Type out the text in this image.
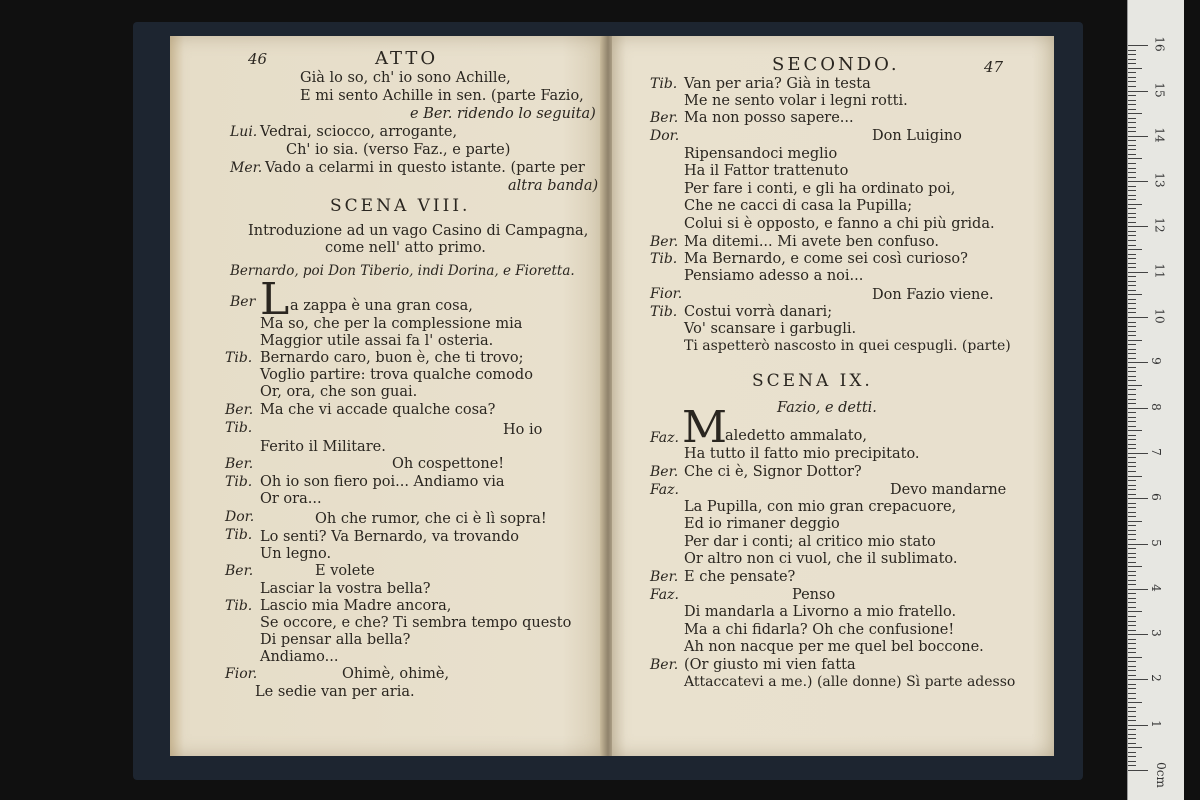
46	ATTO
Già lo so, ch' io sono Achille,
E mi sento Achille in sen. (parte Fazio,
e Ber. ridendo lo seguita)
Lui. Vedrai, sciocco, arrogante,
Ch' io sia. (verso Faz., e parte)
Mer. Vado a celarmi in questo istante. (parte per
altra banda)
SCENA VIII.
Introduzione ad un vago Casino di Campagna,
come nell' atto primo.
Bernardo, poi Don Tiberio, indi Dorina, e Fioretta.
Ber L a zappa è una gran cosa,
Ma so, che per la complessione mia
Maggior utile assai fa l' osteria.
Tib. Bernardo caro, buon è, che ti trovo;
Voglio partire: trova qualche comodo
Or, ora, che son guai.
Ber. Ma che vi accade qualche cosa?
Tib.	Ho io
Ferito il Militare.
Ber.	Oh cospettone!
Tib. Oh io son fiero poi... Andiamo via
Or ora...
Dor.	Oh che rumor, che ci è lì sopra!
Tib. Lo senti? Va Bernardo, va trovando
Un legno.
Ber.	E volete
Lasciar la vostra bella?
Tib. Lascio mia Madre ancora,
Se occore, e che? Ti sembra tempo questo
Di pensar alla bella?
Andiamo...
Fior.	Ohimè, ohimè,
Le sedie van per aria.
SECONDO.	47
Tib. Van per aria? Già in testa
Me ne sento volar i legni rotti.
Ber. Ma non posso sapere...
Dor.	Don Luigino
Ripensandoci meglio
Ha il Fattor trattenuto
Per fare i conti, e gli ha ordinato poi,
Che ne cacci di casa la Pupilla;
Colui si è opposto, e fanno a chi più grida.
Ber. Ma ditemi... Mi avete ben confuso.
Tib. Ma Bernardo, e come sei così curioso?
Pensiamo adesso a noi...
Fior.	Don Fazio viene.
Tib. Costui vorrà danari;
Vo' scansare i garbugli.
Ti aspetterò nascosto in quei cespugli. (parte)
SCENA IX.
Fazio, e detti.
Faz. M
aledetto ammalato,
Ha tutto il fatto mio precipitato.
Ber. Che ci è, Signor Dottor?
Faz.	Devo mandarne
La Pupilla, con mio gran crepacuore,
Ed io rimaner deggio
Per dar i conti; al critico mio stato
Or altro non ci vuol, che il sublimato.
Ber. E che pensate?
Faz.	Penso
Di mandarla a Livorno a mio fratello.
Ma a chi fidarla? Oh che confusione!
Ah non nacque per me quel bel boccone.
Ber. (Or giusto mi vien fatta
Attaccatevi a me.) (alle donne) Sì parte adesso
0cm
1
2
3
4
5
6
7
8
9
10
11
12
13
14
15
16
